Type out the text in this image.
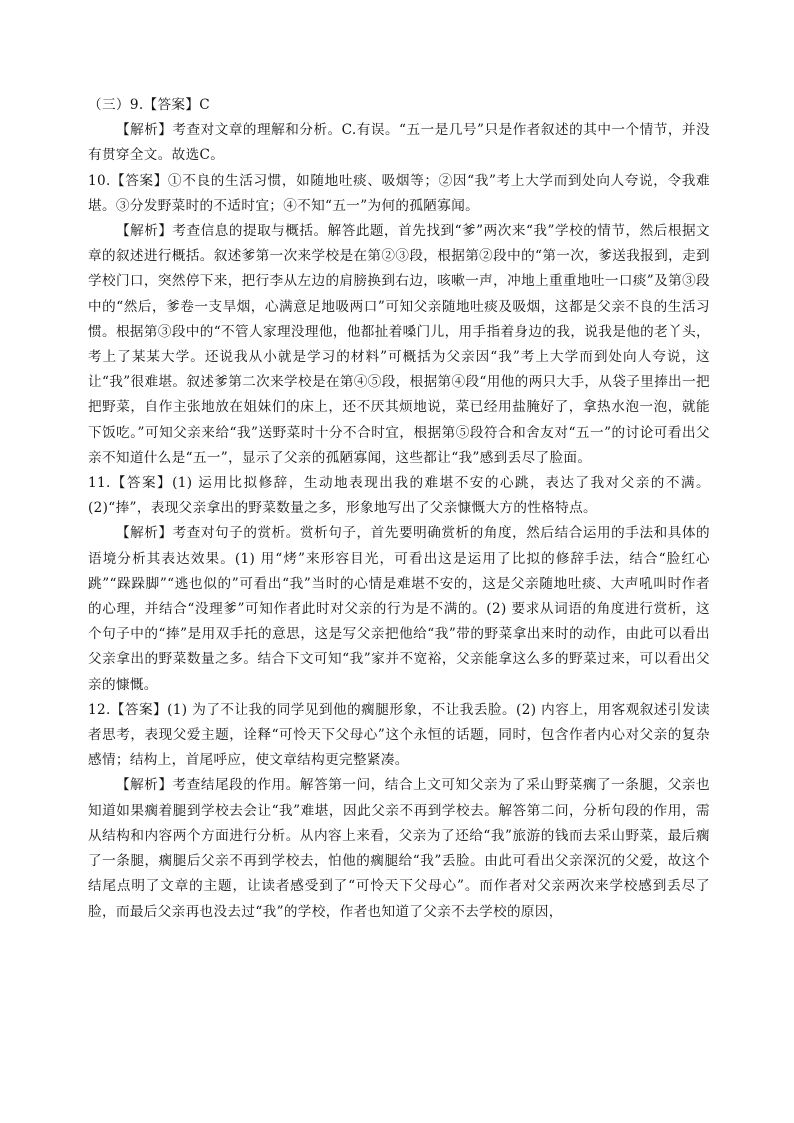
（三）9.【答案】C

【解析】考查对文章的理解和分析。C.有误。“五一是几号”只是作者叙述的其中一个情节，并没有贯穿全文。故选C。

10.【答案】①不良的生活习惯，如随地吐痰、吸烟等；②因“我”考上大学而到处向人夸说，令我难堪。③分发野菜时的不适时宜；④不知“五一”为何的孤陋寡闻。

【解析】考查信息的提取与概括。解答此题，首先找到“爹”两次来“我”学校的情节，然后根据文章的叙述进行概括。叙述爹第一次来学校是在第②③段，根据第②段中的“第一次，爹送我报到，走到学校门口，突然停下来，把行李从左边的肩膀换到右边，咳嗽一声，冲地上重重地吐一口痰”及第③段中的“然后，爹卷一支旱烟，心满意足地吸两口”可知父亲随地吐痰及吸烟，这都是父亲不良的生活习惯。根据第③段中的“不管人家理没理他，他都扯着嗓门儿，用手指着身边的我，说我是他的老丫头，考上了某某大学。还说我从小就是学习的材料”可概括为父亲因“我”考上大学而到处向人夸说，这让“我”很难堪。叙述爹第二次来学校是在第④⑤段，根据第④段“用他的两只大手，从袋子里捧出一把把野菜，自作主张地放在姐妹们的床上，还不厌其烦地说，菜已经用盐腌好了，拿热水泡一泡，就能下饭吃。”可知父亲来给“我”送野菜时十分不合时宜，根据第⑤段符合和舍友对“五一”的讨论可看出父亲不知道什么是“五一”，显示了父亲的孤陋寡闻，这些都让“我”感到丢尽了脸面。

11.【答案】(1) 运用比拟修辞，生动地表现出我的难堪不安的心跳，表达了我对父亲的不满。(2)“捧”，表现父亲拿出的野菜数量之多，形象地写出了父亲慷慨大方的性格特点。

【解析】考查对句子的赏析。赏析句子，首先要明确赏析的角度，然后结合运用的手法和具体的语境分析其表达效果。(1) 用“烤”来形容目光，可看出这是运用了比拟的修辞手法，结合“脸红心跳”“跺跺脚”“逃也似的”可看出“我”当时的心情是难堪不安的，这是父亲随地吐痰、大声吼叫时作者的心理，并结合“没理爹”可知作者此时对父亲的行为是不满的。(2) 要求从词语的角度进行赏析，这个句子中的“捧”是用双手托的意思，这是写父亲把他给“我”带的野菜拿出来时的动作，由此可以看出父亲拿出的野菜数量之多。结合下文可知“我”家并不宽裕，父亲能拿这么多的野菜过来，可以看出父亲的慷慨。

12.【答案】(1) 为了不让我的同学见到他的瘸腿形象，不让我丢脸。(2) 内容上，用客观叙述引发读者思考，表现父爱主题，诠释“可怜天下父母心”这个永恒的话题，同时，包含作者内心对父亲的复杂感情；结构上，首尾呼应，使文章结构更完整紧凑。

【解析】考查结尾段的作用。解答第一问，结合上文可知父亲为了采山野菜瘸了一条腿，父亲也知道如果瘸着腿到学校去会让“我”难堪，因此父亲不再到学校去。解答第二问，分析句段的作用，需从结构和内容两个方面进行分析。从内容上来看，父亲为了还给“我”旅游的钱而去采山野菜，最后瘸了一条腿，瘸腿后父亲不再到学校去，怕他的瘸腿给“我”丢脸。由此可看出父亲深沉的父爱，故这个结尾点明了文章的主题，让读者感受到了“可怜天下父母心”。而作者对父亲两次来学校感到丢尽了脸，而最后父亲再也没去过“我”的学校，作者也知道了父亲不去学校的原因，
